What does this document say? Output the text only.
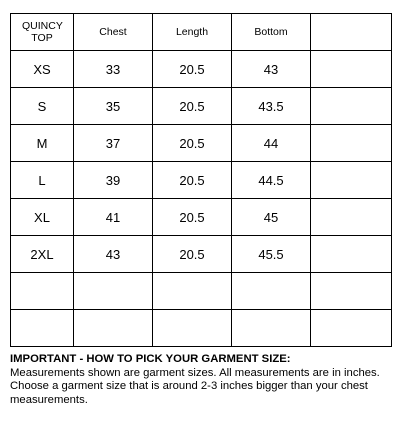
QUINCY TOP	Chest	Length	Bottom	
XS	33	20.5	43	
S	35	20.5	43.5	
M	37	20.5	44	
L	39	20.5	44.5	
XL	41	20.5	45	
2XL	43	20.5	45.5	

IMPORTANT - HOW TO PICK YOUR GARMENT SIZE:
Measurements shown are garment sizes. All measurements are in inches.
Choose a garment size that is around 2-3 inches bigger than your chest measurements.
